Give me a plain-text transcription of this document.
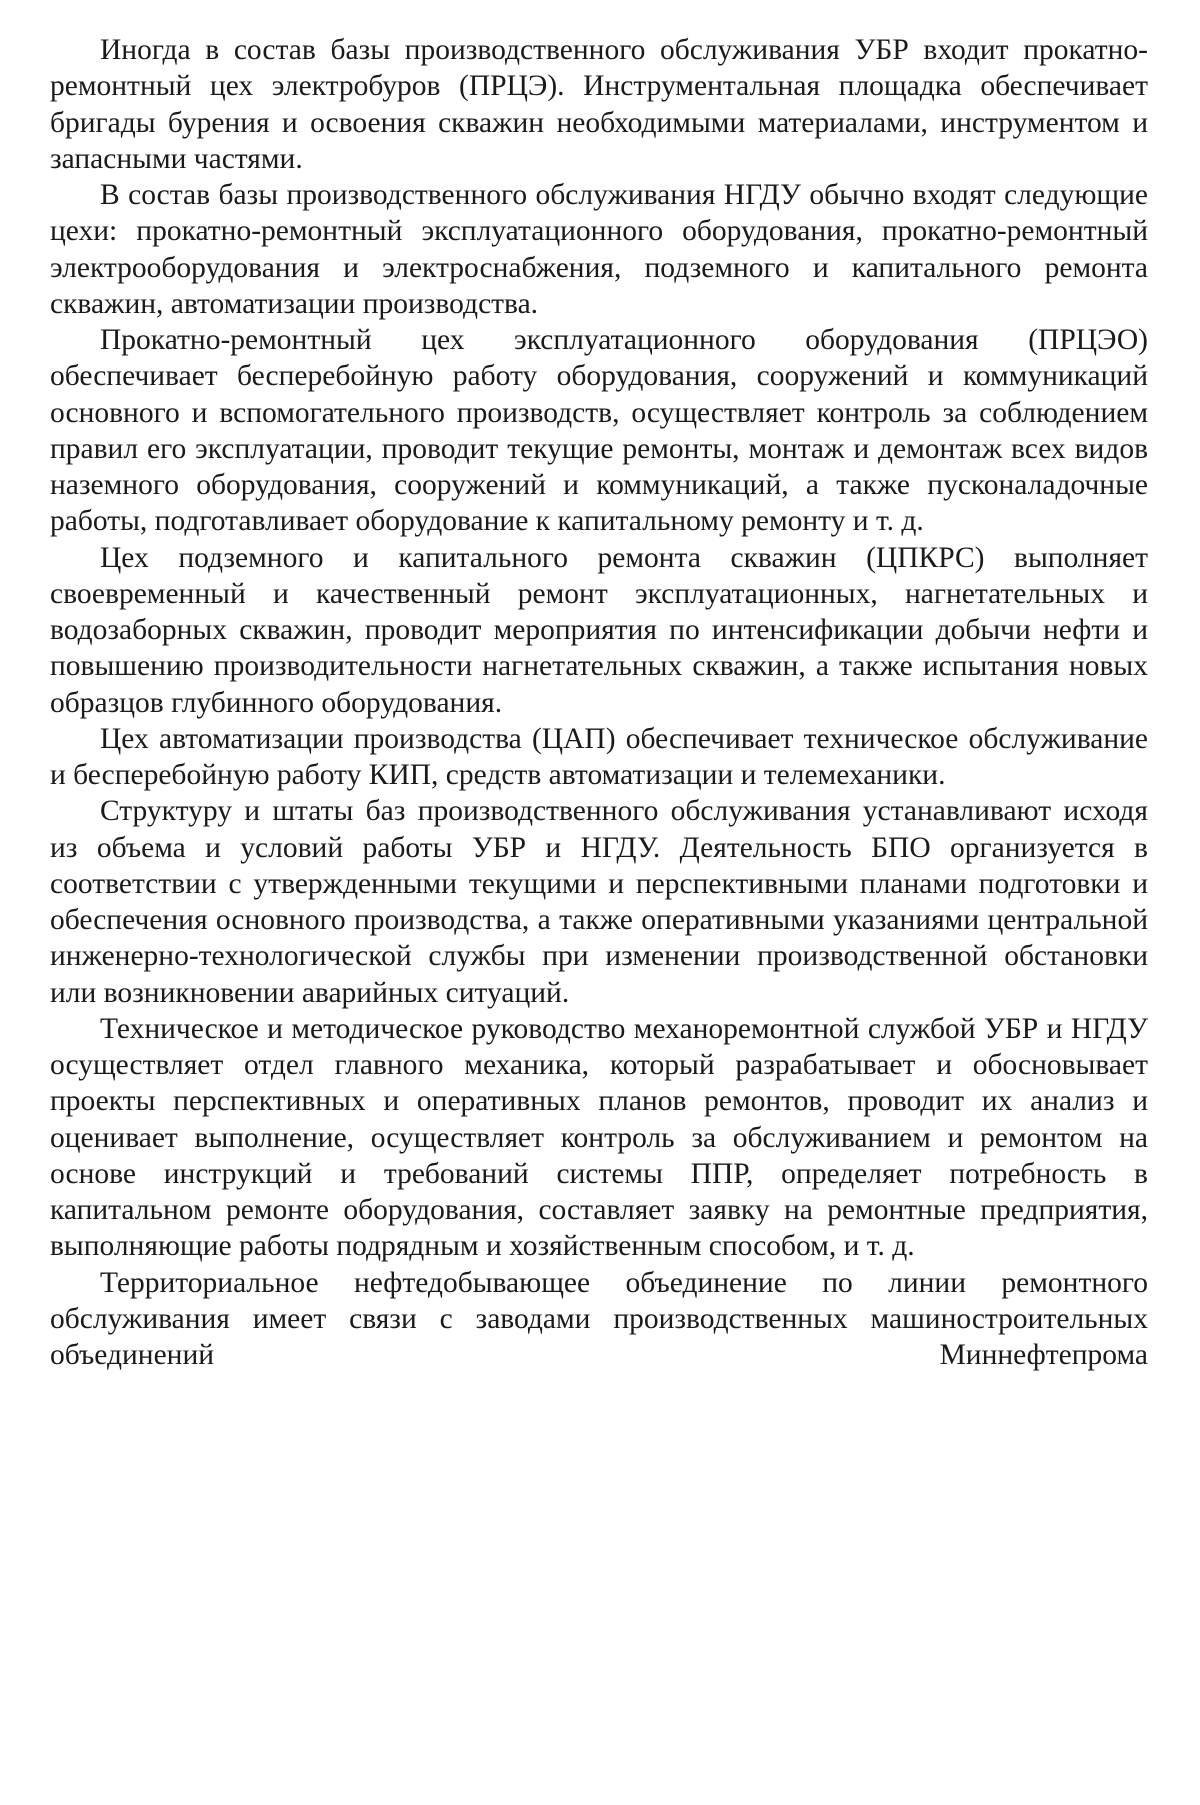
Иногда в состав базы производственного обслуживания УБР входит прокатно-ремонтный цех электробуров (ПРЦЭ). Инструментальная площадка обеспечивает бригады бурения и освоения скважин необходимыми материалами, инструментом и запасными частями.

В состав базы производственного обслуживания НГДУ обычно входят следующие цехи: прокатно-ремонтный эксплуатационного оборудования, прокатно-ремонтный электрооборудования и электроснабжения, подземного и капитального ремонта скважин, автоматизации производства.

Прокатно-ремонтный цех эксплуатационного оборудования (ПРЦЭО) обеспечивает бесперебойную работу оборудования, сооружений и коммуникаций основного и вспомогательного производств, осуществляет контроль за соблюдением правил его эксплуатации, проводит текущие ремонты, монтаж и демонтаж всех видов наземного оборудования, сооружений и коммуникаций, а также пусконаладочные работы, подготавливает оборудование к капитальному ремонту и т. д.

Цех подземного и капитального ремонта скважин (ЦПКРС) выполняет своевременный и качественный ремонт эксплуатационных, нагнетательных и водозаборных скважин, проводит мероприятия по интенсификации добычи нефти и повышению производительности нагнетательных скважин, а также испытания новых образцов глубинного оборудования.

Цех автоматизации производства (ЦАП) обеспечивает техническое обслуживание и бесперебойную работу КИП, средств автоматизации и телемеханики.

Структуру и штаты баз производственного обслуживания устанавливают исходя из объема и условий работы УБР и НГДУ. Деятельность БПО организуется в соответствии с утвержденными текущими и перспективными планами подготовки и обеспечения основного производства, а также оперативными указаниями центральной инженерно-технологической службы при изменении производственной обстановки или возникновении аварийных ситуаций.

Техническое и методическое руководство механоремонтной службой УБР и НГДУ осуществляет отдел главного механика, который разрабатывает и обосновывает проекты перспективных и оперативных планов ремонтов, проводит их анализ и оценивает выполнение, осуществляет контроль за обслуживанием и ремонтом на основе инструкций и требований системы ППР, определяет потребность в капитальном ремонте оборудования, составляет заявку на ремонтные предприятия, выполняющие работы подрядным и хозяйственным способом, и т. д.

Территориальное нефтедобывающее объединение по линии ремонтного обслуживания имеет связи с заводами производственных машиностроительных объединений Миннефтепрома
